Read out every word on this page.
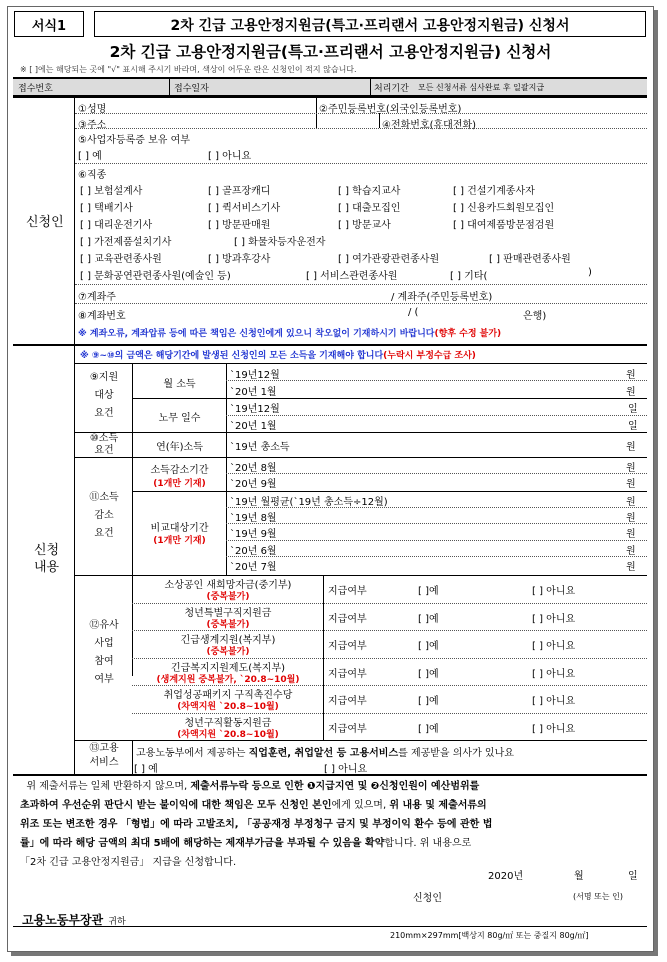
서식1	2차 긴급 고용안정지원금(특고·프리랜서 고용안정지원금) 신청서
2차 긴급 고용안정지원금(특고·프리랜서 고용안정지원금) 신청서
※ [ ]에는 해당되는 곳에 "√" 표시해 주시기 바라며, 색상이 어두운 란은 신청인이 적지 않습니다.
접수번호	접수일자	처리기간 모든 신청서류 심사완료 후 일괄지급
신청인
①성명	②주민등록번호(외국인등록번호)
③주소	④전화번호(휴대전화)
⑤사업자등록증 보유 여부
[ ] 예	[ ] 아니요
⑥직종
[ ] 보험설계사	[ ] 골프장캐디	[ ] 학습지교사	[ ] 건설기계종사자
[ ] 택배기사	[ ] 퀵서비스기사	[ ] 대출모집인	[ ] 신용카드회원모집인
[ ] 대리운전기사	[ ] 방문판매원	[ ] 방문교사	[ ] 대여제품방문점검원
[ ] 가전제품설치기사	[ ] 화물차등자운전자
[ ] 교육관련종사원	[ ] 방과후강사	[ ] 여가관광관련종사원	[ ] 판매관련종사원
[ ] 문화공연관련종사원(예술인 등)	[ ] 서비스관련종사원	[ ] 기타(	)
⑦계좌주	/ 계좌주(주민등록번호)
⑧계좌번호	/ (	은행)
※ 계좌오류, 계좌압류 등에 따른 책임은 신청인에게 있으니 착오없이 기재하시기 바랍니다(향후 수정 불가)
신청
내용
※ ⑨~⑩의 금액은 해당기간에 발생된 신청인의 모든 소득을 기재해야 합니다(누락시 부정수급 조사)
⑨지원
대상
요건
월 소득
`19년12월	원
`20년 1월	원
노무 일수
`19년12월	일
`20년 1월	일
⑩소득
요건	연(年)소득	`19년 총소득	원
⑪소득
감소
요건
소득감소기간
(1개만 기재)
`20년 8월	원
`20년 9월	원
비교대상기간
(1개만 기재)
`19년 월평균(`19년 총소득÷12월)	원
`19년 8월	원
`19년 9월	원
`20년 6월	원
`20년 7월	원
⑫유사
사업
참여
여부
⑬고용
서비스
고용노동부에서 제공하는 직업훈련, 취업알선 등 고용서비스를 제공받을 의사가 있나요
[ ] 예	[ ] 아니요
위 제출서류는 일체 반환하지 않으며, 제출서류누락 등으로 인한 ❶지급지연 및 ❷신청인원이 예산범위를
초과하여 우선순위 판단시 받는 불이익에 대한 책임은 모두 신청인 본인에게 있으며, 위 내용 및 제출서류의
위조 또는 변조한 경우 「형법」에 따라 고발조치, 「공공재정 부정청구 금지 및 부정이익 환수 등에 관한 법
률」에 따라 해당 금액의 최대 5배에 해당하는 제재부가금을 부과될 수 있음을 확약합니다. 위 내용으로
「2차 긴급 고용안정지원금」 지급을 신청합니다.
2020년	월	일
신청인	(서명 또는 인)
고용노동부장관 귀하
210mm×297mm[백상지 80g/㎡ 또는 중질지 80g/㎡]
소상공인 새희망자금(중기부)
(중복불가)	지급여부	[ ]예	[ ] 아니요
청년특별구직지원금
(중복불가)	지급여부	[ ]예	[ ] 아니요
긴급생계지원(복지부)
(중복불가)	지급여부	[ ]예	[ ] 아니요
긴급복지지원제도(복지부)
(생계지원 중복불가, `20.8~10월)	지급여부	[ ]예	[ ] 아니요
취업성공패키지 구직촉진수당
(차액지원 `20.8~10월)	지급여부	[ ]예	[ ] 아니요
청년구직활동지원금
(차액지원 `20.8~10월)	지급여부	[ ]예	[ ] 아니요
